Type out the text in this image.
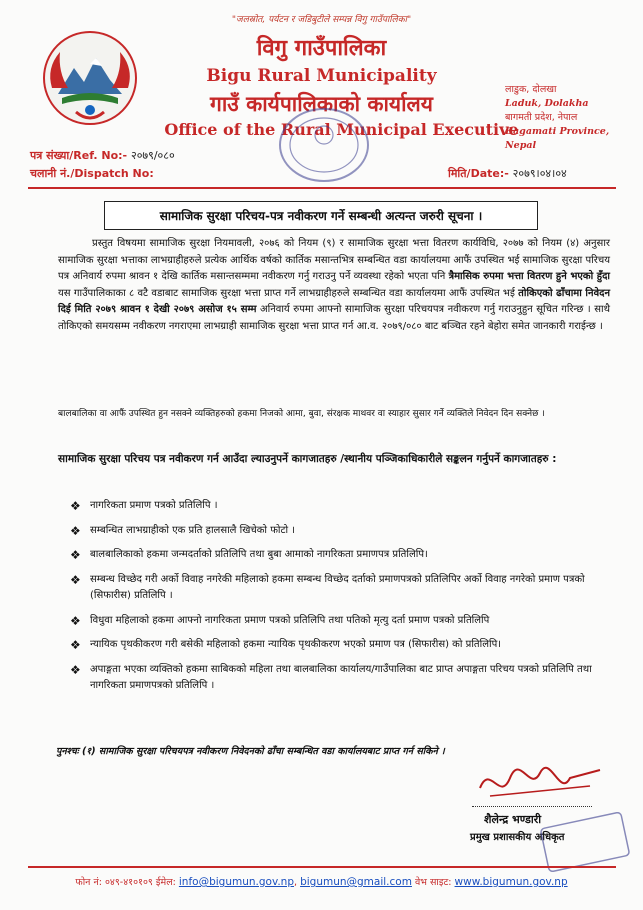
"जलस्रोत, पर्यटन र जडिबुटीले सम्पन्न विगु गाउँपालिका"
विगु गाउँपालिका
Bigu Rural Municipality
गाउँ कार्यपालिकाको कार्यालय
Office of the Rural Municipal Executive
लाडुक, दोलखा
Laduk, Dolakha
बागमती प्रदेश, नेपाल
Bagamati Province, Nepal
पत्र संख्या/Ref. No:- २०७९/०८०
चलानी नं./Dispatch No:	मिति/Date:- २०७९।०४।०४
सामाजिक सुरक्षा परिचय-पत्र नवीकरण गर्ने सम्बन्धी अत्यन्त जरुरी सूचना ।
प्रस्तुत विषयमा सामाजिक सुरक्षा नियमावली, २०७६ को नियम (९) र सामाजिक सुरक्षा भत्ता वितरण कार्यविधि, २०७७ को नियम (४) अनुसार सामाजिक सुरक्षा भत्ताका लाभग्राहीहरुले प्रत्येक आर्थिक वर्षको कार्तिक मसान्तभित्र सम्बन्धित वडा कार्यालयमा आफैं उपस्थित भई सामाजिक सुरक्षा परिचय पत्र अनिवार्य रुपमा श्रावन १ देखि कार्तिक मसान्तसम्ममा नवीकरण गर्नु गराउनु पर्ने व्यवस्था रहेको भएता पनि त्रैमासिक रुपमा भत्ता वितरण हुने भएको हुँदा यस गाउँपालिकाका ८ वटै वडाबाट सामाजिक सुरक्षा भत्ता प्राप्त गर्ने लाभग्राहीहरुले सम्बन्धित वडा कार्यालयमा आफैं उपस्थित भई तोकिएको ढाँचामा निवेदन दिई मिति २०७९ श्रावन १ देखी २०७९ असोज १५ सम्म अनिवार्य रुपमा आफ्नो सामाजिक सुरक्षा परिचयपत्र नवीकरण गर्नु गराउनुहुन सूचित गरिन्छ । साथै तोकिएको समयसम्म नवीकरण नगराएमा लाभग्राही सामाजिक सुरक्षा भत्ता प्राप्त गर्न आ.व. २०७९/०८० बाट बञ्चित रहने बेहोरा समेत जानकारी गराईन्छ ।
बालबालिका वा आफैं उपस्थित हुन नसक्ने व्यक्तिहरुको हकमा निजको आमा, बुवा, संरक्षक माथवर वा स्याहार सुसार गर्ने व्यक्तिले निवेदन दिन सक्नेछ ।
सामाजिक सुरक्षा परिचय पत्र नवीकरण गर्न आउँदा ल्याउनुपर्ने कागजातहरु /स्थानीय पञ्जिकाधिकारीले सङ्कलन गर्नुपर्ने कागजातहरु :
❖ नागरिकता प्रमाण पत्रको प्रतिलिपि ।
❖ सम्बन्धित लाभग्राहीको एक प्रति हालसालै खिचेको फोटो ।
❖ बालबालिकाको हकमा जन्मदर्ताको प्रतिलिपि तथा बुबा आमाको नागरिकता प्रमाणपत्र प्रतिलिपि।
❖ सम्बन्ध विच्छेद गरी अर्को विवाह नगरेकी महिलाको हकमा सम्बन्ध विच्छेद दर्ताको प्रमाणपत्रको प्रतिलिपिर अर्को विवाह नगरेको प्रमाण पत्रको (सिफारीस) प्रतिलिपि ।
❖ विधुवा महिलाको हकमा आफ्नो नागरिकता प्रमाण पत्रको प्रतिलिपि तथा पतिको मृत्यु दर्ता प्रमाण पत्रको प्रतिलिपि
❖ न्यायिक पृथकीकरण गरी बसेकी महिलाको हकमा न्यायिक पृथकीकरण भएको प्रमाण पत्र (सिफारीस) को प्रतिलिपि।
❖ अपाङ्गता भएका व्यक्तिको हकमा साबिकको महिला तथा बालबालिका कार्यालय/गाउँपालिका बाट प्राप्त अपाङ्गता परिचय पत्रको प्रतिलिपि तथा नागरिकता प्रमाणपत्रको प्रतिलिपि ।
पुनश्चः (१) सामाजिक सुरक्षा परिचयपत्र नवीकरण निवेदनको ढाँचा सम्बन्धित वडा कार्यालयबाट प्राप्त गर्न सकिने ।
शैलेन्द्र भण्डारी
प्रमुख प्रशासकीय अधिकृत
फोन नं: ०४९-४१०१०९ ईमेल: info@bigumun.gov.np, bigumun@gmail.com वेभ साइट: www.bigumun.gov.np
